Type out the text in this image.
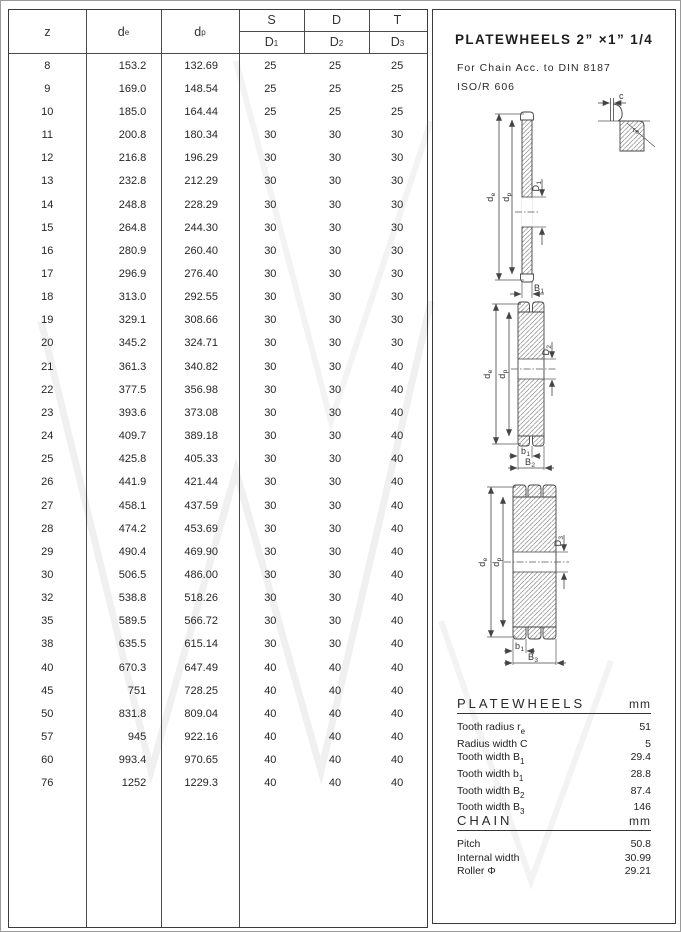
z	$d_e$	$d_p$
S	D	T
$D_1$	$D_2$	$D_3$
8	153.2	132.69	25	25	25
9	169.0	148.54	25	25	25
10	185.0	164.44	25	25	25
11	200.8	180.34	30	30	30
12	216.8	196.29	30	30	30
13	232.8	212.29	30	30	30
14	248.8	228.29	30	30	30
15	264.8	244.30	30	30	30
16	280.9	260.40	30	30	30
17	296.9	276.40	30	30	30
18	313.0	292.55	30	30	30
19	329.1	308.66	30	30	30
20	345.2	324.71	30	30	30
21	361.3	340.82	30	30	40
22	377.5	356.98	30	30	40
23	393.6	373.08	30	30	40
24	409.7	389.18	30	30	40
25	425.8	405.33	30	30	40
26	441.9	421.44	30	30	40
27	458.1	437.59	30	30	40
28	474.2	453.69	30	30	40
29	490.4	469.90	30	30	40
30	506.5	486.00	30	30	40
32	538.8	518.26	30	30	40
35	589.5	566.72	30	30	40
38	635.5	615.14	30	30	40
40	670.3	647.49	40	40	40
45	751	728.25	40	40	40
50	831.8	809.04	40	40	40
57	945	922.16	40	40	40
60	993.4	970.65	40	40	40
76	1252	1229.3	40	40	40
PLATEWHEELS 2” ×1” 1/4
For Chain Acc. to DIN 8187
ISO/R 606
c
re
$d_e$
$d_p$
$D_1$
$B_1$
$d_e$
$d_p$
$D_2$
$b_1$
$B_2$
$d_e$
$d_p$
$D_3$
$b_1$
$B_3$
PLATEWHEELS	mm
Tooth radius $r_e$	51
Radius width C	5
Tooth width $B_1$	29.4
Tooth width $b_1$	28.8
Tooth width $B_2$	87.4
Tooth width $B_3$	146
CHAIN	mm
Pitch	50.8
Internal width	30.99
Roller Φ	29.21
